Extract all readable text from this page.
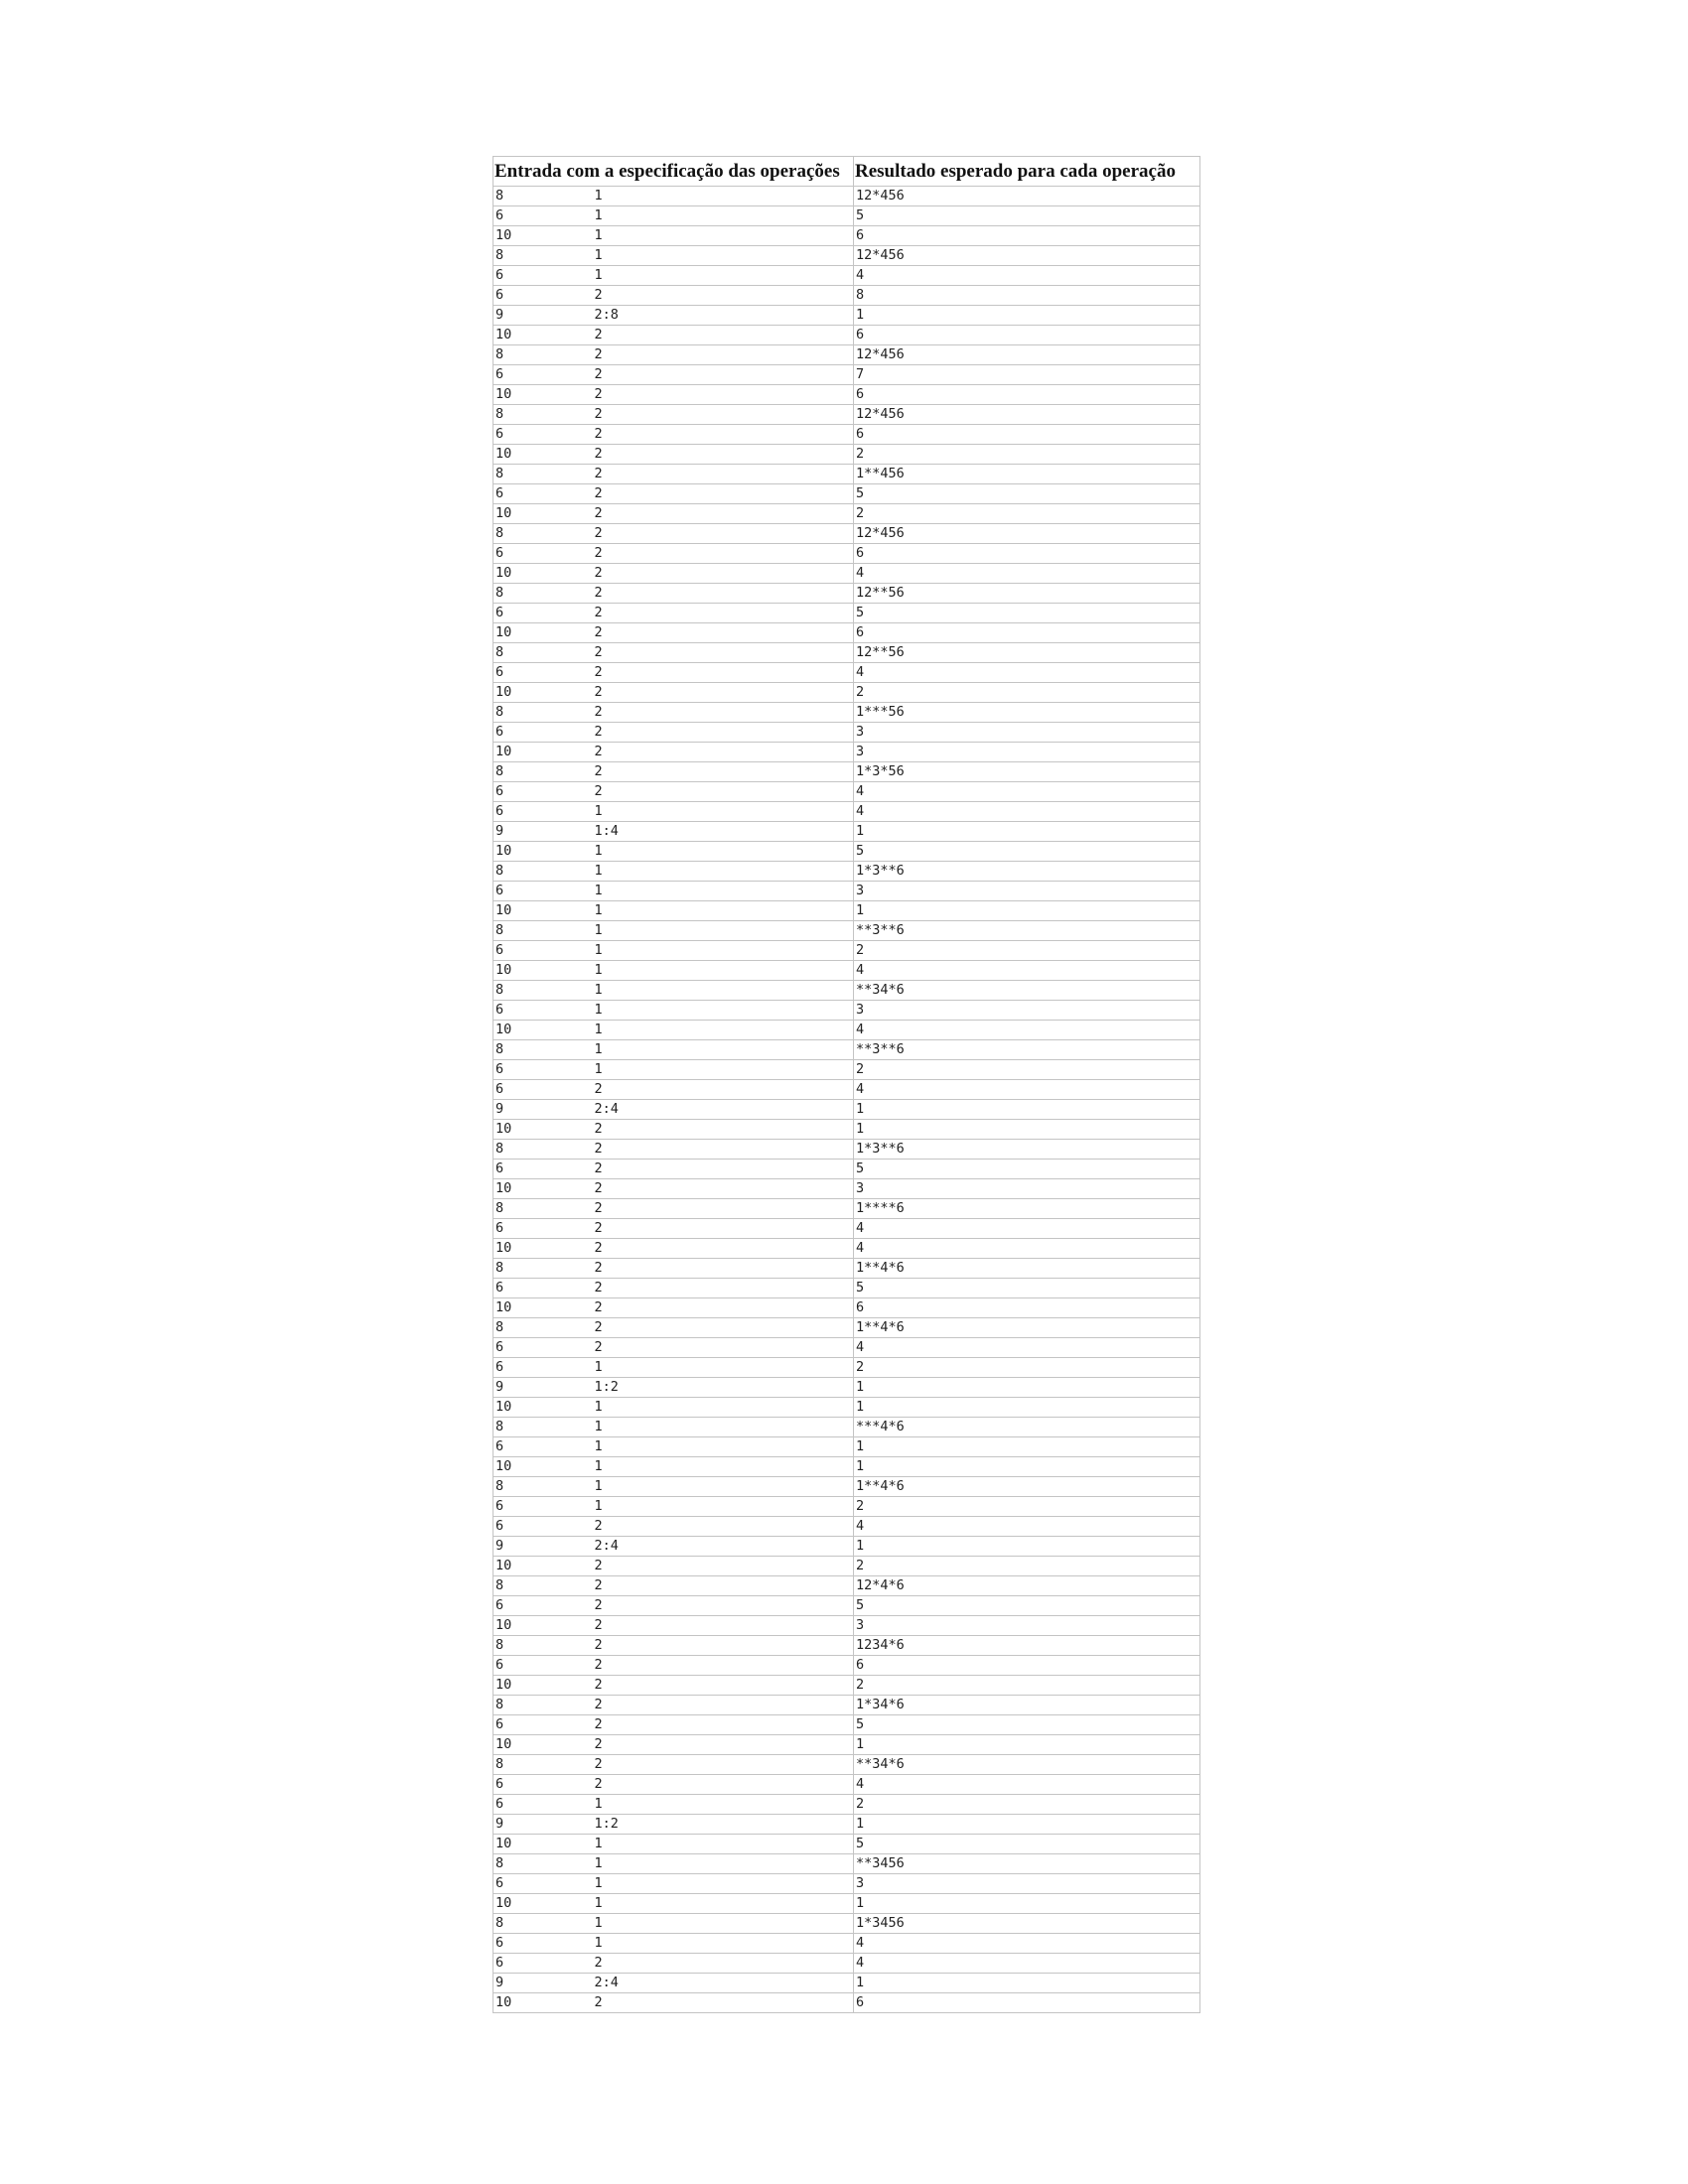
Entrada com a especificação das operações		Resultado esperado para cada operação
8	1	12*456
6	1	5
10	1	6
8	1	12*456
6	1	4
6	2	8
9	2:8	1
10	2	6
8	2	12*456
6	2	7
10	2	6
8	2	12*456
6	2	6
10	2	2
8	2	1**456
6	2	5
10	2	2
8	2	12*456
6	2	6
10	2	4
8	2	12**56
6	2	5
10	2	6
8	2	12**56
6	2	4
10	2	2
8	2	1***56
6	2	3
10	2	3
8	2	1*3*56
6	2	4
6	1	4
9	1:4	1
10	1	5
8	1	1*3**6
6	1	3
10	1	1
8	1	**3**6
6	1	2
10	1	4
8	1	**34*6
6	1	3
10	1	4
8	1	**3**6
6	1	2
6	2	4
9	2:4	1
10	2	1
8	2	1*3**6
6	2	5
10	2	3
8	2	1****6
6	2	4
10	2	4
8	2	1**4*6
6	2	5
10	2	6
8	2	1**4*6
6	2	4
6	1	2
9	1:2	1
10	1	1
8	1	***4*6
6	1	1
10	1	1
8	1	1**4*6
6	1	2
6	2	4
9	2:4	1
10	2	2
8	2	12*4*6
6	2	5
10	2	3
8	2	1234*6
6	2	6
10	2	2
8	2	1*34*6
6	2	5
10	2	1
8	2	**34*6
6	2	4
6	1	2
9	1:2	1
10	1	5
8	1	**3456
6	1	3
10	1	1
8	1	1*3456
6	1	4
6	2	4
9	2:4	1
10	2	6
